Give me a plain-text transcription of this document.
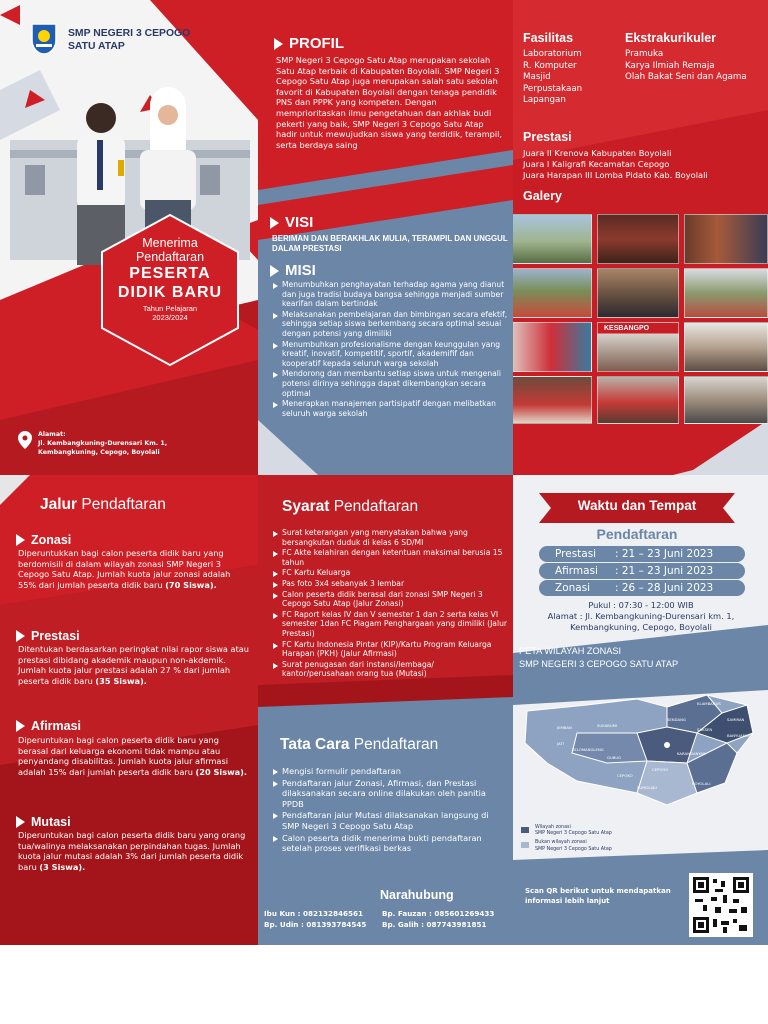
SMP NEGERI 3 CEPOGO
SATU ATAP
Menerima
Pendaftaran
PESERTA
DIDIK BARU
Tahun Pelajaran
2023/2024
Alamat:
Jl. Kembangkuning-Durensari Km. 1,
Kembangkuning, Cepogo, Boyolali
PROFIL
SMP Negeri 3 Cepogo Satu Atap merupakan sekolah Satu Atap terbaik di Kabupaten Boyolali. SMP Negeri 3 Cepogo Satu Atap juga merupakan salah satu sekolah favorit di Kabupaten Boyolali dengan tenaga pendidik PNS dan PPPK yang kompeten. Dengan memprioritaskan ilmu pengetahuan dan akhlak budi pekerti yang baik, SMP Negeri 3 Cepogo Satu Atap hadir untuk mewujudkan siswa yang terdidik, terampil, serta berdaya saing
VISI
BERIMAN DAN BERAKHLAK MULIA, TERAMPIL DAN UNGGUL DALAM PRESTASI
MISI
Menumbuhkan penghayatan terhadap agama yang dianut dan juga tradisi budaya bangsa sehingga menjadi sumber kearifan dalam bertindak
Melaksanakan pembelajaran dan bimbingan secara efektif, sehingga setiap siswa berkembang secara optimal sesuai dengan potensi yang dimiliki
Menumbuhkan profesionalisme dengan keunggulan yang kreatif, inovatif, kompetitif, sportif, akademifif dan kooperatif kepada seluruh warga sekolah
Mendorong dan membantu setiap siswa untuk mengenali potensi dirinya sehingga dapat dikembangkan secara optimal
Menerapkan manajemen partisipatif dengan melibatkan seluruh warga sekolah
Fasilitas
Laboratorium
R. Komputer
Masjid
Perpustakaan
Lapangan
Ekstrakurikuler
Pramuka
Karya Ilmiah Remaja
Olah Bakat Seni dan Agama
Prestasi
Juara II Krenova Kabupaten Boyolali
Juara I Kaligrafi Kecamatan Cepogo
Juara Harapan III Lomba Pidato Kab. Boyolali
Galery
KESBANGPO
Jalur Pendaftaran
Zonasi
Diperuntukkan bagi calon peserta didik baru yang berdomisili di dalam wilayah zonasi SMP Negeri 3 Cepogo Satu Atap. Jumlah kuota jalur zonasi adalah 55% dari jumlah peserta didik baru (70 Siswa).
Prestasi
Ditentukan berdasarkan peringkat nilai rapor siswa atau prestasi dibidang akademik maupun non-akdemik. Jumlah kuota jalur prestasi adalah 27 % dari jumlah peserta didik baru (35 Siswa).
Afirmasi
Diperuntukan bagi calon peserta didik baru yang berasal dari keluarga ekonomi tidak mampu atau penyandang disabilitas. Jumlah kuota jalur afirmasi adalah 15% dari jumlah peserta didik baru (20 Siswa).
Mutasi
Diperuntukan bagi calon peserta didik baru yang orang tua/walinya melaksanakan perpindahan tugas. Jumlah kuota jalur mutasi adalah 3% dari jumlah peserta didik baru (3 Siswa).
Syarat Pendaftaran
Surat keterangan yang menyatakan bahwa yang bersangkutan duduk di kelas 6 SD/MI
FC Akte kelahiran dengan ketentuan maksimal berusia 15 tahun
FC Kartu Keluarga
Pas foto 3x4 sebanyak 3 lembar
Calon peserta didik berasal dari zonasi SMP Negeri 3 Cepogo Satu Atap (Jalur Zonasi)
FC Raport kelas IV dan V semester 1 dan 2 serta kelas VI semester 1dan FC Piagam Penghargaan yang dimiliki (Jalur Prestasi)
FC Kartu Indonesia Pintar (KIP)/Kartu Program Keluarga Harapan (PKH) (Jalur Afirmasi)
Surat penugasan dari instansi/lembaga/ kantor/perusahaan orang tua (Mutasi)
Tata Cara Pendaftaran
Mengisi formulir pendaftaran
Pendaftaran jalur Zonasi, Afirmasi, dan Prestasi dilaksanakan secara online dilakukan oleh panitia PPDB
Pendaftaran jalur Mutasi dilaksanakan langsung di SMP Negeri 3 Cepogo Satu Atap
Calon peserta didik menerima bukti pendaftaran setelah proses verifikasi berkas
Narahubung
Ibu Kun : 082132846561
Bp. Udin : 081393784545
Bp. Fauzan : 085601269433
Bp. Galih : 087743981851
Waktu dan Tempat
Pendaftaran
Prestasi	: 21 – 23 Juni 2023
Afirmasi	: 21 – 23 Juni 2023
Zonasi	: 26 – 28 Juni 2023
Pukul : 07:30 - 12:00 WIB
Alamat : Jl. Kembangkuning-Durensari km. 1, Kembangkuning, Cepogo, Boyolali
PETA WILAYAH ZONASI
SMP NEGERI 3 CEPOGO SATU ATAP
KLAMBAGUS
SAMIRAN
SENDANG
JEMBAN	SUKABUMI
SAKSEN
BANYUANYAR
KARANGANYAR
SELOMANGLENG
GUBUG
CEPOGO
BOYOLALI
CEPOKO
SUMOLAJU
JATI
Wilayah zonasi
SMP Negeri 3 Cepogo Satu Atap
Bukan wilayah zonasi
SMP Negeri 3 Cepogo Satu Atap
Scan QR berikut untuk mendapatkan informasi lebih lanjut
